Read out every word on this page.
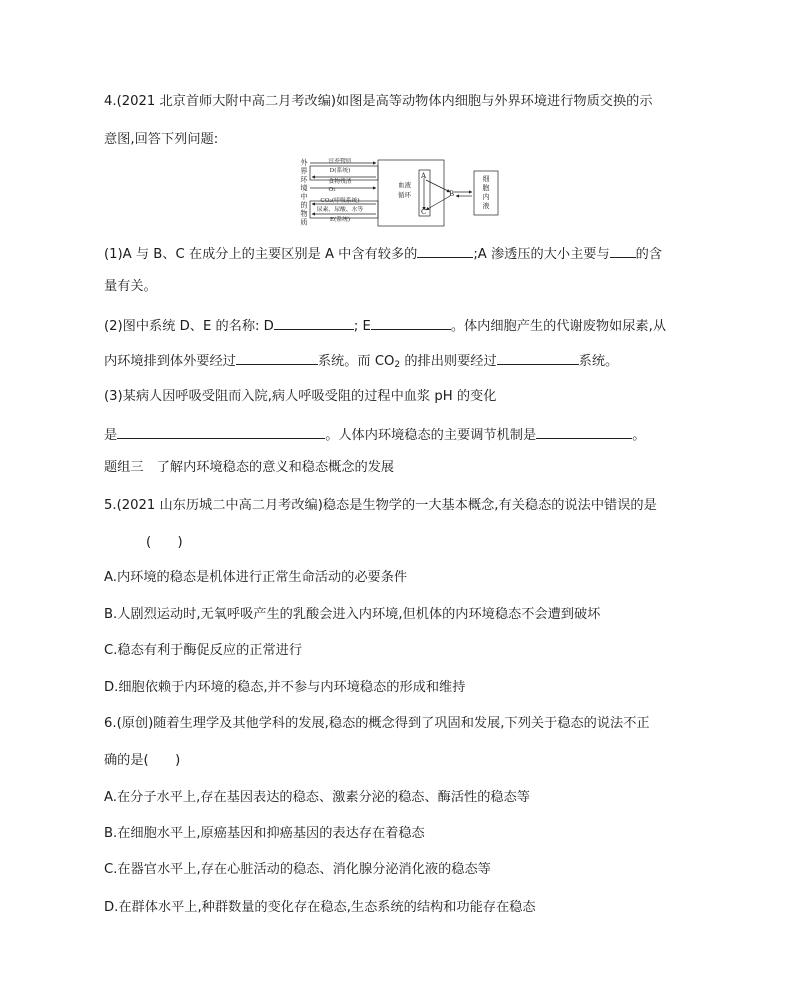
4.(2021 北京首师大附中高二月考改编)如图是高等动物体内细胞与外界环境进行物质交换的示
意图,回答下列问题:
外
界
环
境
中
的
物
质
营养物质
D(系统)
食物残渣
O₂
CO₂(呼吸系统)
尿素、尿酸、水等
E(系统)
血液
循环
A
B
C
细
胞
内
液
(1)A 与 B、C 在成分上的主要区别是 A 中含有较多的	;A 渗透压的大小主要与 的含
量有关。
(2)图中系统 D、E 的名称: D	; E	。体内细胞产生的代谢废物如尿素,从
内环境排到体外要经过	系统。而 $CO_2$ 的排出则要经过	系统。
(3)某病人因呼吸受阻而入院,病人呼吸受阻的过程中血浆 pH 的变化
是	。人体内环境稳态的主要调节机制是	。
题组三　了解内环境稳态的意义和稳态概念的发展
5.(2021 山东历城二中高二月考改编)稳态是生物学的一大基本概念,有关稳态的说法中错误的是
(　　)
A.内环境的稳态是机体进行正常生命活动的必要条件
B.人剧烈运动时,无氧呼吸产生的乳酸会进入内环境,但机体的内环境稳态不会遭到破坏
C.稳态有利于酶促反应的正常进行
D.细胞依赖于内环境的稳态,并不参与内环境稳态的形成和维持
6.(原创)随着生理学及其他学科的发展,稳态的概念得到了巩固和发展,下列关于稳态的说法不正
确的是(　　)
A.在分子水平上,存在基因表达的稳态、激素分泌的稳态、酶活性的稳态等
B.在细胞水平上,原癌基因和抑癌基因的表达存在着稳态
C.在器官水平上,存在心脏活动的稳态、消化腺分泌消化液的稳态等
D.在群体水平上,种群数量的变化存在稳态,生态系统的结构和功能存在稳态
